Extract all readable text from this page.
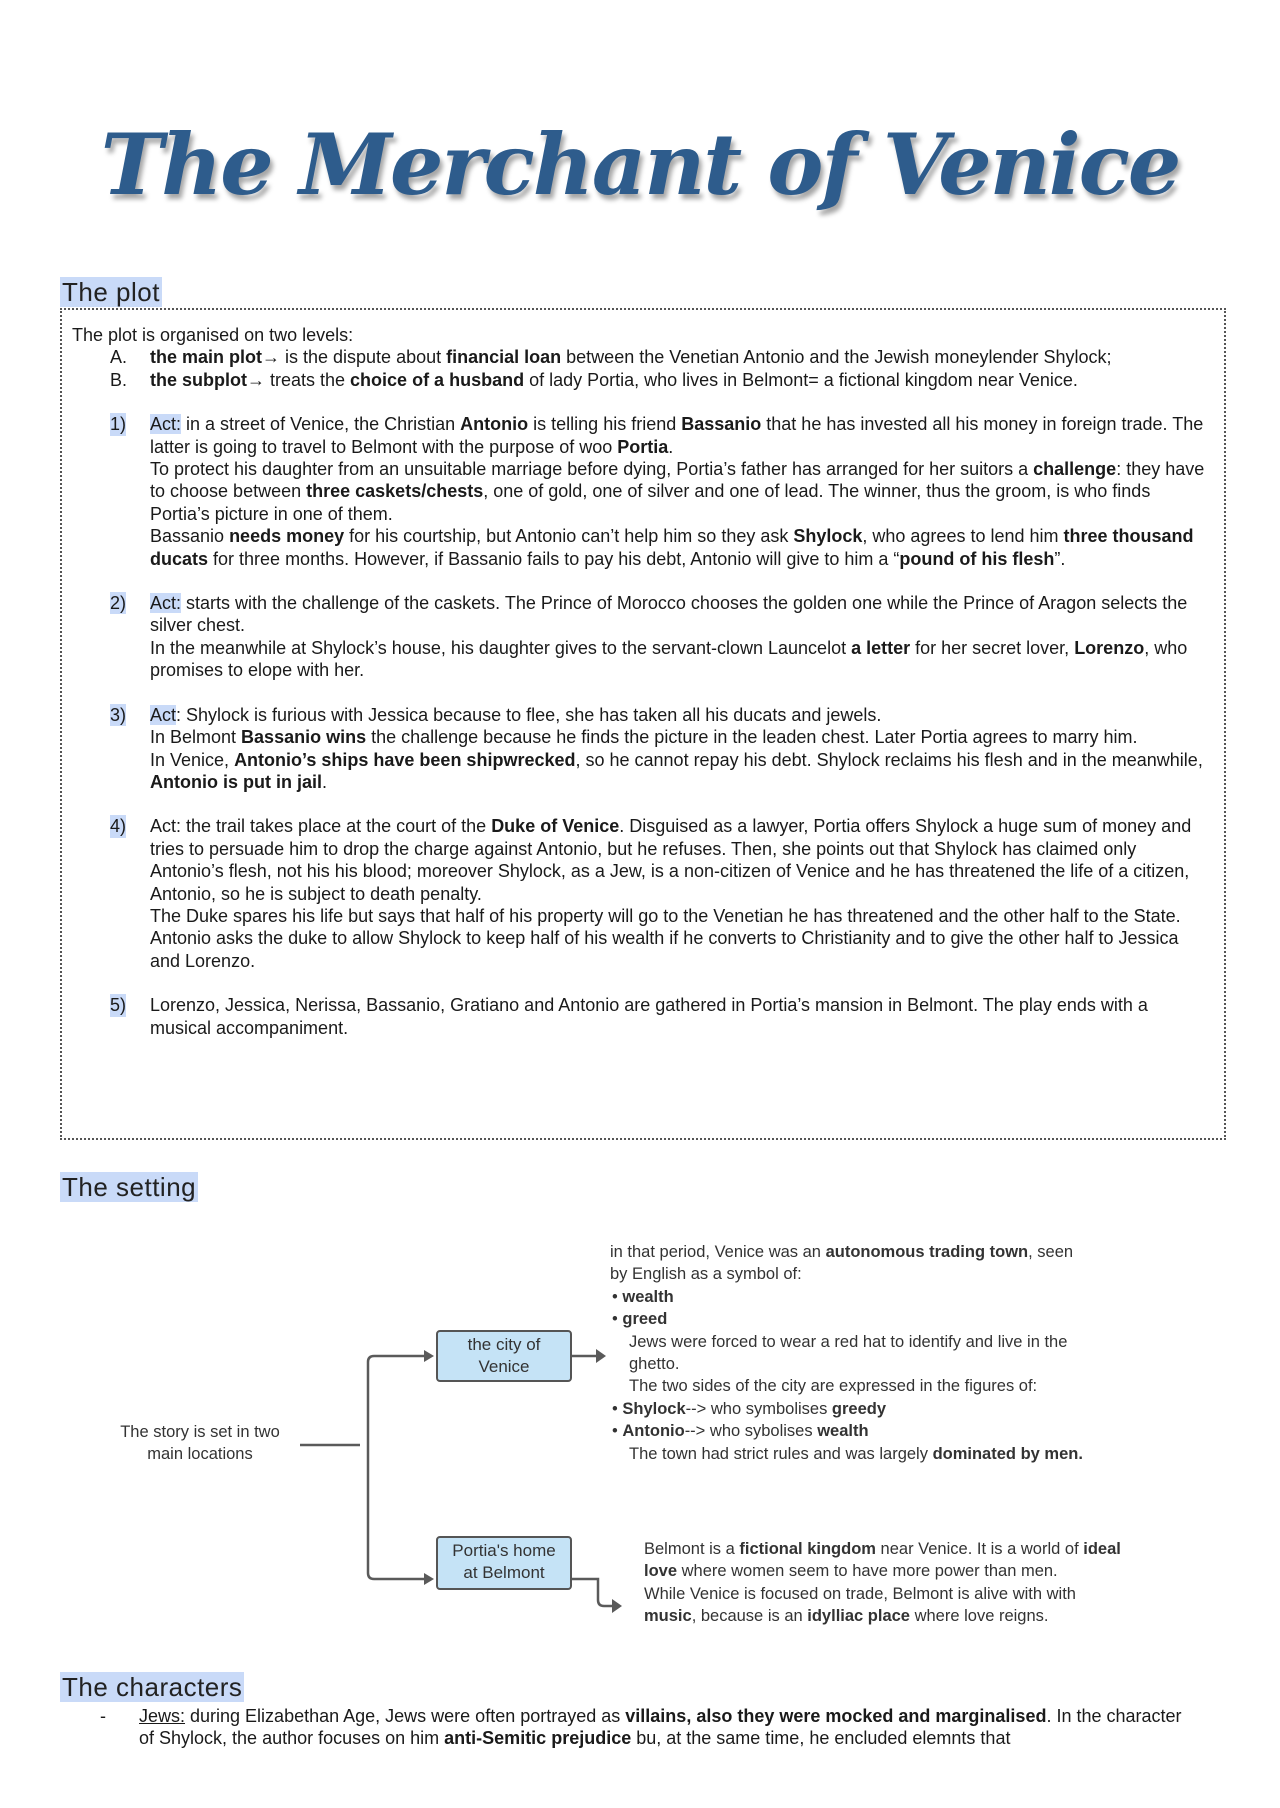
The Merchant of Venice
The plot
The plot is organised on two levels:
A. the main plot→ is the dispute about financial loan between the Venetian Antonio and the Jewish moneylender Shylock;
B. the subplot→ treats the choice of a husband of lady Portia, who lives in Belmont= a fictional kingdom near Venice.
1) Act: in a street of Venice, the Christian Antonio is telling his friend Bassanio that he has invested all his money in foreign trade. The latter is going to travel to Belmont with the purpose of woo Portia.
To protect his daughter from an unsuitable marriage before dying, Portia’s father has arranged for her suitors a challenge: they have to choose between three caskets/chests, one of gold, one of silver and one of lead. The winner, thus the groom, is who finds Portia’s picture in one of them.
Bassanio needs money for his courtship, but Antonio can’t help him so they ask Shylock, who agrees to lend him three thousand ducats for three months. However, if Bassanio fails to pay his debt, Antonio will give to him a “pound of his flesh”.
2) Act: starts with the challenge of the caskets. The Prince of Morocco chooses the golden one while the Prince of Aragon selects the silver chest.
In the meanwhile at Shylock’s house, his daughter gives to the servant-clown Launcelot a letter for her secret lover, Lorenzo, who promises to elope with her.
3) Act: Shylock is furious with Jessica because to flee, she has taken all his ducats and jewels.
In Belmont Bassanio wins the challenge because he finds the picture in the leaden chest. Later Portia agrees to marry him.
In Venice, Antonio’s ships have been shipwrecked, so he cannot repay his debt. Shylock reclaims his flesh and in the meanwhile, Antonio is put in jail.
4) Act: the trail takes place at the court of the Duke of Venice. Disguised as a lawyer, Portia offers Shylock a huge sum of money and tries to persuade him to drop the charge against Antonio, but he refuses. Then, she points out that Shylock has claimed only Antonio’s flesh, not his his blood; moreover Shylock, as a Jew, is a non-citizen of Venice and he has threatened the life of a citizen, Antonio, so he is subject to death penalty.
The Duke spares his life but says that half of his property will go to the Venetian he has threatened and the other half to the State.
Antonio asks the duke to allow Shylock to keep half of his wealth if he converts to Christianity and to give the other half to Jessica and Lorenzo.
5) Lorenzo, Jessica, Nerissa, Bassanio, Gratiano and Antonio are gathered in Portia’s mansion in Belmont. The play ends with a musical accompaniment.
The setting
The story is set in two
main locations
the city of
Venice
Portia's home
at Belmont
in that period, Venice was an autonomous trading town, seen
by English as a symbol of:
• wealth
• greed
Jews were forced to wear a red hat to identify and live in the
ghetto.
The two sides of the city are expressed in the figures of:
• Shylock--> who symbolises greedy
• Antonio--> who sybolises wealth
The town had strict rules and was largely dominated by men.
Belmont is a fictional kingdom near Venice. It is a world of ideal
love where women seem to have more power than men.
While Venice is focused on trade, Belmont is alive with with
music, because is an idylliac place where love reigns.
The characters
- Jews: during Elizabethan Age, Jews were often portrayed as villains, also they were mocked and marginalised. In the character of Shylock, the author focuses on him anti-Semitic prejudice bu, at the same time, he encluded elemnts that
